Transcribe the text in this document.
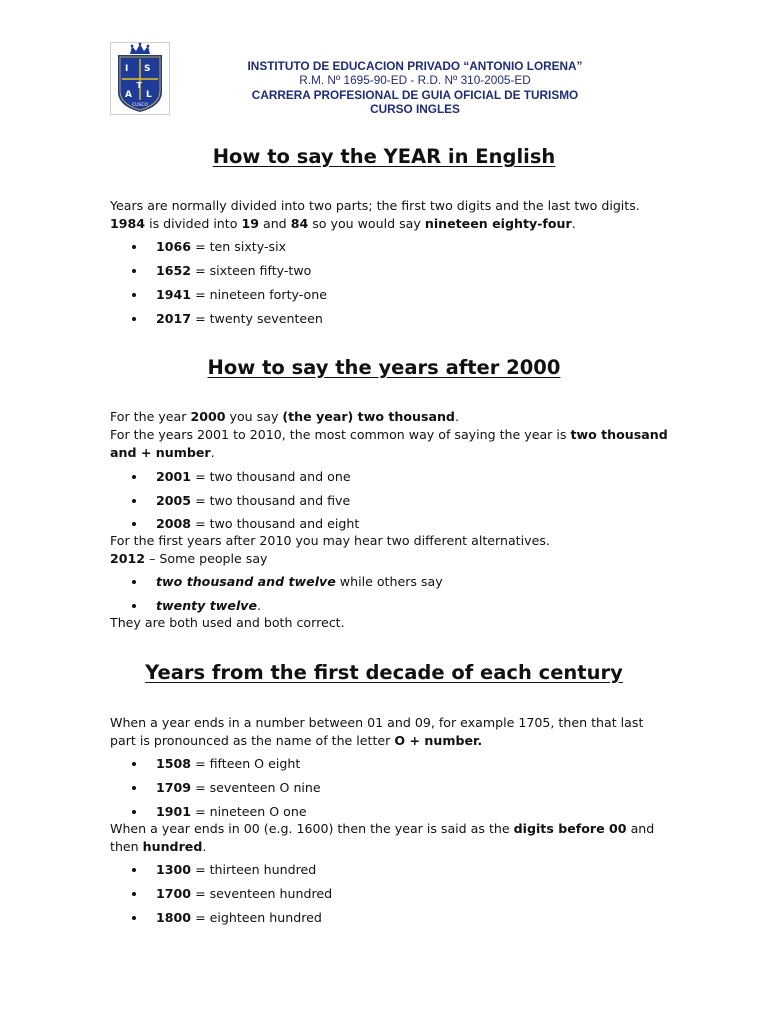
I S
T
A L
CUSCO
INSTITUTO DE EDUCACION PRIVADO “ANTONIO LORENA”
R.M. Nº 1695-90-ED - R.D. Nº 310-2005-ED
CARRERA PROFESIONAL DE GUIA OFICIAL DE TURISMO
CURSO INGLES
How to say the YEAR in English
Years are normally divided into two parts; the first two digits and the last two digits.
1984 is divided into 19 and 84 so you would say nineteen eighty-four.
1066 = ten sixty-six
1652 = sixteen fifty-two
1941 = nineteen forty-one
2017 = twenty seventeen
How to say the years after 2000
For the year 2000 you say (the year) two thousand.
For the years 2001 to 2010, the most common way of saying the year is two thousand
and + number.
2001 = two thousand and one
2005 = two thousand and five
2008 = two thousand and eight
For the first years after 2010 you may hear two different alternatives.
2012 – Some people say
two thousand and twelve while others say
twenty twelve.
They are both used and both correct.
Years from the first decade of each century
When a year ends in a number between 01 and 09, for example 1705, then that last
part is pronounced as the name of the letter O + number.
1508 = fifteen O eight
1709 = seventeen O nine
1901 = nineteen O one
When a year ends in 00 (e.g. 1600) then the year is said as the digits before 00 and
then hundred.
1300 = thirteen hundred
1700 = seventeen hundred
1800 = eighteen hundred
